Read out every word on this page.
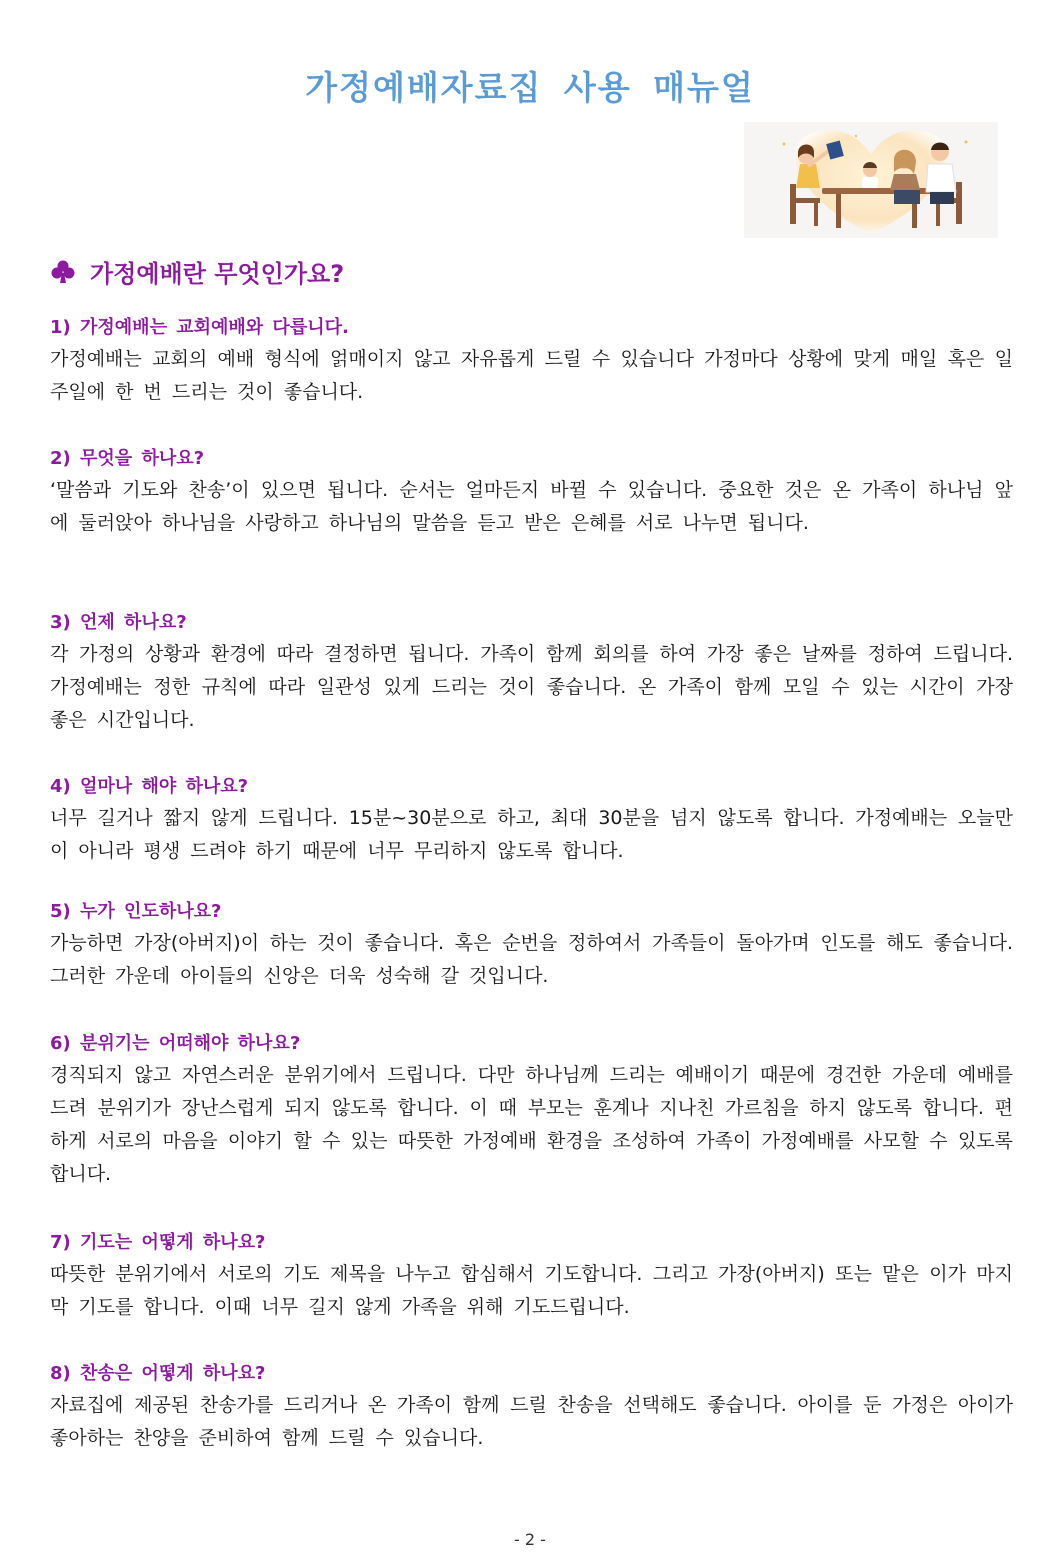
가정예배자료집 사용 매뉴얼
가정예배란 무엇인가요?
1) 가정예배는 교회예배와 다릅니다.
가정예배는 교회의 예배 형식에 얽매이지 않고 자유롭게 드릴 수 있습니다 가정마다 상황에 맞게 매일 혹은 일주일에 한 번 드리는 것이 좋습니다.
2) 무엇을 하나요?
‘말씀과 기도와 찬송’이 있으면 됩니다. 순서는 얼마든지 바뀔 수 있습니다. 중요한 것은 온 가족이 하나님 앞에 둘러앉아 하나님을 사랑하고 하나님의 말씀을 듣고 받은 은혜를 서로 나누면 됩니다.
3) 언제 하나요?
각 가정의 상황과 환경에 따라 결정하면 됩니다. 가족이 함께 회의를 하여 가장 좋은 날짜를 정하여 드립니다. 가정예배는 정한 규칙에 따라 일관성 있게 드리는 것이 좋습니다. 온 가족이 함께 모일 수 있는 시간이 가장 좋은 시간입니다.
4) 얼마나 해야 하나요?
너무 길거나 짧지 않게 드립니다. 15분~30분으로 하고, 최대 30분을 넘지 않도록 합니다. 가정예배는 오늘만이 아니라 평생 드려야 하기 때문에 너무 무리하지 않도록 합니다.
5) 누가 인도하나요?
가능하면 가장(아버지)이 하는 것이 좋습니다. 혹은 순번을 정하여서 가족들이 돌아가며 인도를 해도 좋습니다. 그러한 가운데 아이들의 신앙은 더욱 성숙해 갈 것입니다.
6) 분위기는 어떠해야 하나요?
경직되지 않고 자연스러운 분위기에서 드립니다. 다만 하나님께 드리는 예배이기 때문에 경건한 가운데 예배를 드려 분위기가 장난스럽게 되지 않도록 합니다. 이 때 부모는 훈계나 지나친 가르침을 하지 않도록 합니다. 편하게 서로의 마음을 이야기 할 수 있는 따뜻한 가정예배 환경을 조성하여 가족이 가정예배를 사모할 수 있도록 합니다.
7) 기도는 어떻게 하나요?
따뜻한 분위기에서 서로의 기도 제목을 나누고 합심해서 기도합니다. 그리고 가장(아버지) 또는 맡은 이가 마지막 기도를 합니다. 이때 너무 길지 않게 가족을 위해 기도드립니다.
8) 찬송은 어떻게 하나요?
자료집에 제공된 찬송가를 드리거나 온 가족이 함께 드릴 찬송을 선택해도 좋습니다. 아이를 둔 가정은 아이가 좋아하는 찬양을 준비하여 함께 드릴 수 있습니다.
- 2 -
